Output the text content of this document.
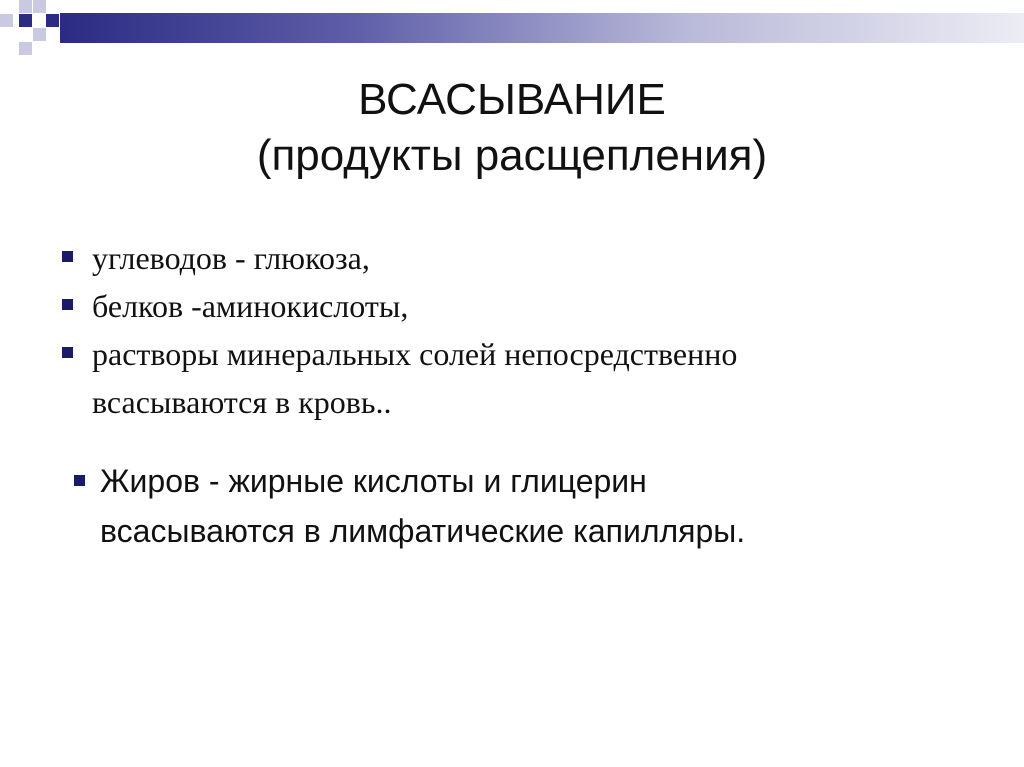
ВСАСЫВАНИЕ
(продукты расщепления)
углеводов - глюкоза,
белков -аминокислоты,
растворы минеральных солей непосредственно
всасываются в кровь..
Жиров - жирные кислоты и глицерин
всасываются в лимфатические капилляры.
